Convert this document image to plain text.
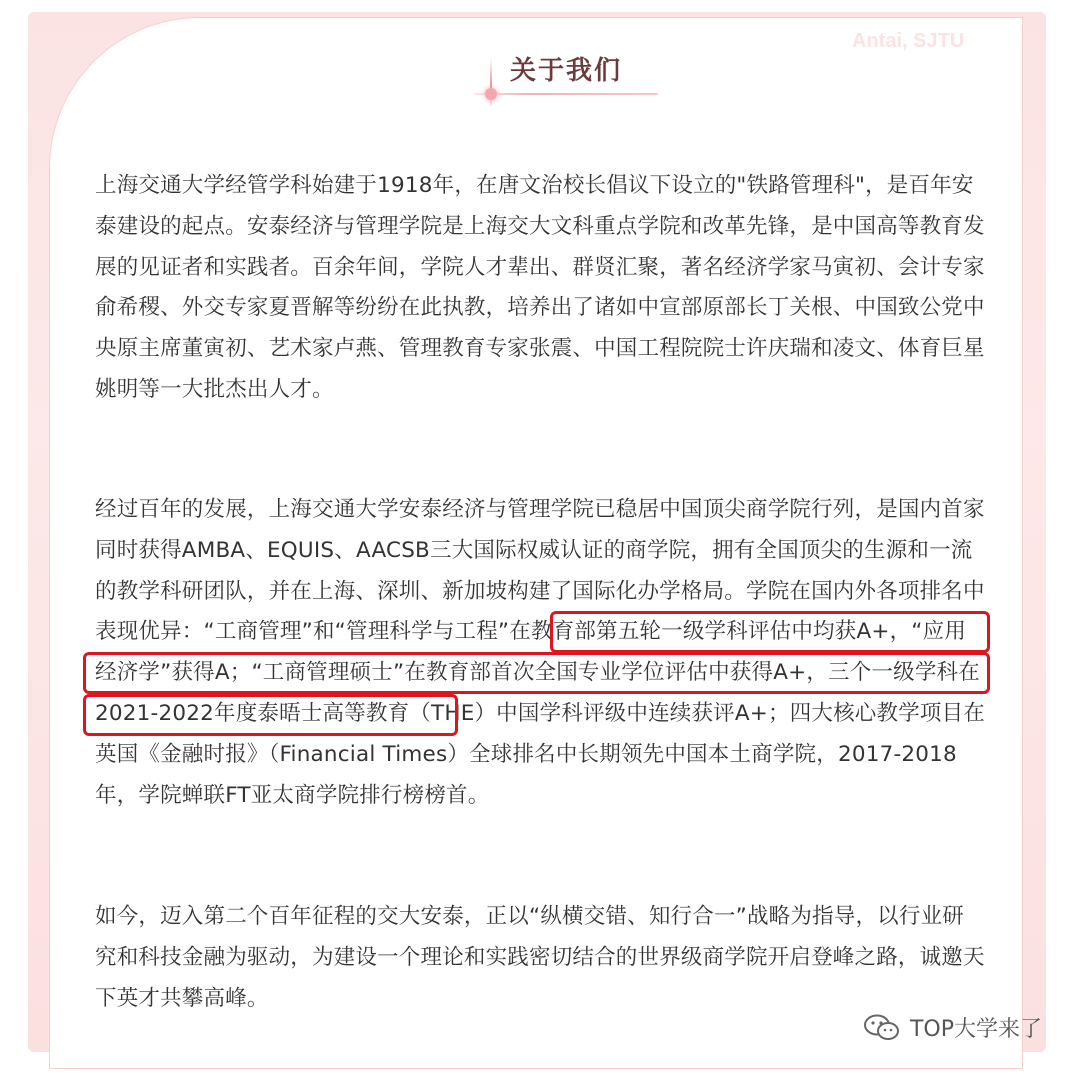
Antai, SJTU
关于我们

上海交通大学经管学科始建于1918年，在唐文治校长倡议下设立的"铁路管理科"，是百年安泰建设的起点。安泰经济与管理学院是上海交大文科重点学院和改革先锋，是中国高等教育发展的见证者和实践者。百余年间，学院人才辈出、群贤汇聚，著名经济学家马寅初、会计专家俞希稷、外交专家夏晋解等纷纷在此执教，培养出了诸如中宣部原部长丁关根、中国致公党中央原主席董寅初、艺术家卢燕、管理教育专家张震、中国工程院院士许庆瑞和凌文、体育巨星姚明等一大批杰出人才。

经过百年的发展，上海交通大学安泰经济与管理学院已稳居中国顶尖商学院行列，是国内首家同时获得AMBA、EQUIS、AACSB三大国际权威认证的商学院，拥有全国顶尖的生源和一流的教学科研团队，并在上海、深圳、新加坡构建了国际化办学格局。学院在国内外各项排名中表现优异：“工商管理”和“管理科学与工程”在教育部第五轮一级学科评估中均获A+，“应用经济学”获得A；“工商管理硕士”在教育部首次全国专业学位评估中获得A+，三个一级学科在2021-2022年度泰晤士高等教育（THE）中国学科评级中连续获评A+；四大核心教学项目在英国《金融时报》（Financial Times）全球排名中长期领先中国本土商学院，2017-2018年，学院蝉联FT亚太商学院排行榜榜首。

如今，迈入第二个百年征程的交大安泰，正以“纵横交错、知行合一”战略为指导，以行业研究和科技金融为驱动，为建设一个理论和实践密切结合的世界级商学院开启登峰之路，诚邀天下英才共攀高峰。

TOP大学来了
